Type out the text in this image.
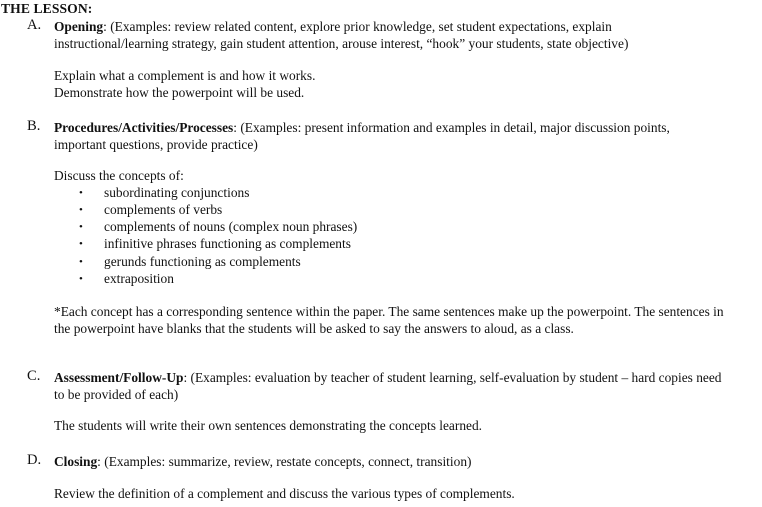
THE LESSON:
A. Opening: (Examples: review related content, explore prior knowledge, set student expectations, explain
instructional/learning strategy, gain student attention, arouse interest, “hook” your students, state objective)
Explain what a complement is and how it works.
Demonstrate how the powerpoint will be used.
B. Procedures/Activities/Processes: (Examples: present information and examples in detail, major discussion points,
important questions, provide practice)
Discuss the concepts of:
• subordinating conjunctions
• complements of verbs
• complements of nouns (complex noun phrases)
• infinitive phrases functioning as complements
• gerunds functioning as complements
• extraposition
*Each concept has a corresponding sentence within the paper. The same sentences make up the powerpoint. The sentences in
the powerpoint have blanks that the students will be asked to say the answers to aloud, as a class.
C. Assessment/Follow-Up: (Examples: evaluation by teacher of student learning, self-evaluation by student – hard copies need
to be provided of each)
The students will write their own sentences demonstrating the concepts learned.
D. Closing: (Examples: summarize, review, restate concepts, connect, transition)
Review the definition of a complement and discuss the various types of complements.
